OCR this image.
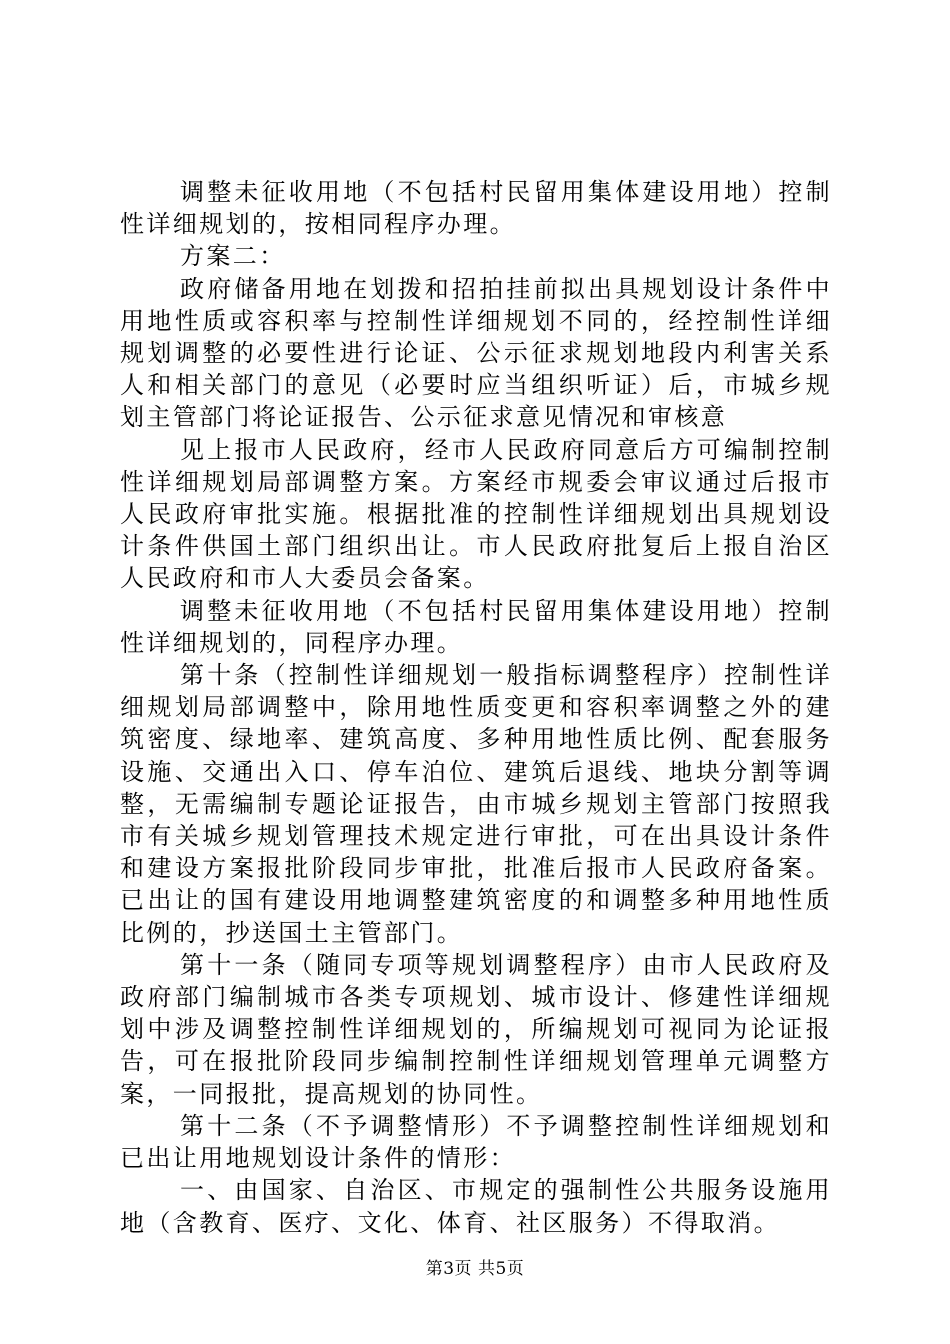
调整未征收用地（不包括村民留用集体建设用地）控制性详细规划的，按相同程序办理。

方案二：

政府储备用地在划拨和招拍挂前拟出具规划设计条件中用地性质或容积率与控制性详细规划不同的，经控制性详细规划调整的必要性进行论证、公示征求规划地段内利害关系人和相关部门的意见（必要时应当组织听证）后，市城乡规划主管部门将论证报告、公示征求意见情况和审核意

见上报市人民政府，经市人民政府同意后方可编制控制性详细规划局部调整方案。方案经市规委会审议通过后报市人民政府审批实施。根据批准的控制性详细规划出具规划设计条件供国土部门组织出让。市人民政府批复后上报自治区人民政府和市人大委员会备案。

调整未征收用地（不包括村民留用集体建设用地）控制性详细规划的，同程序办理。

第十条（控制性详细规划一般指标调整程序）控制性详细规划局部调整中，除用地性质变更和容积率调整之外的建筑密度、绿地率、建筑高度、多种用地性质比例、配套服务设施、交通出入口、停车泊位、建筑后退线、地块分割等调整，无需编制专题论证报告，由市城乡规划主管部门按照我市有关城乡规划管理技术规定进行审批，可在出具设计条件和建设方案报批阶段同步审批，批准后报市人民政府备案。已出让的国有建设用地调整建筑密度的和调整多种用地性质比例的，抄送国土主管部门。

第十一条（随同专项等规划调整程序）由市人民政府及政府部门编制城市各类专项规划、城市设计、修建性详细规划中涉及调整控制性详细规划的，所编规划可视同为论证报告，可在报批阶段同步编制控制性详细规划管理单元调整方案，一同报批，提高规划的协同性。

第十二条（不予调整情形）不予调整控制性详细规划和已出让用地规划设计条件的情形：

一、由国家、自治区、市规定的强制性公共服务设施用地（含教育、医疗、文化、体育、社区服务）不得取消。

第3页 共5页
